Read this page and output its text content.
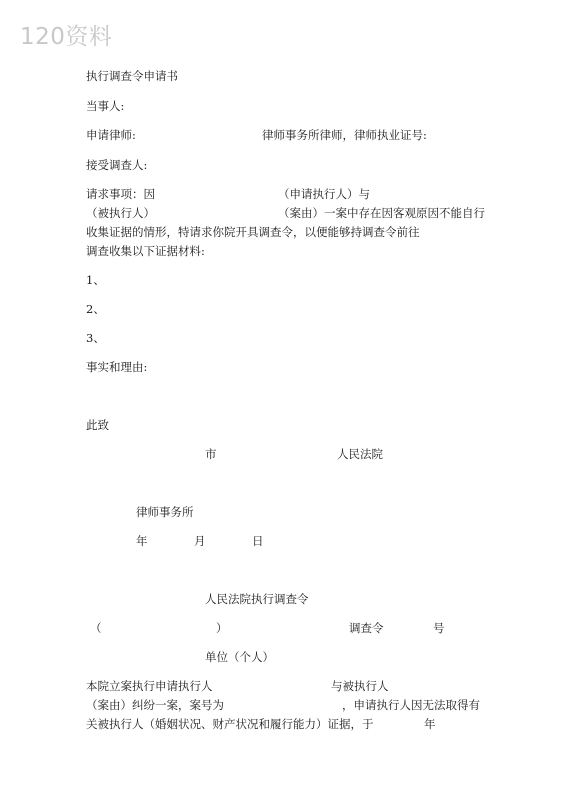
120资料
执行调查令申请书
当事人:
申请律师:	律师事务所律师，律师执业证号:
接受调查人:
请求事项：因	（申请执行人）与
（被执行人）	（案由）一案中存在因客观原因不能自行
收集证据的情形，特请求你院开具调查令，以便能够持调查令前往
调查收集以下证据材料:
1、
2、
3、
事实和理由:
此致
市	人民法院
律师事务所
年	月	日
人民法院执行调查令
（	）	调查令	号
单位（个人）
本院立案执行申请执行人	与被执行人
（案由）纠纷一案，案号为	，申请执行人因无法取得有
关被执行人（婚姻状况、财产状况和履行能力）证据，于	年
